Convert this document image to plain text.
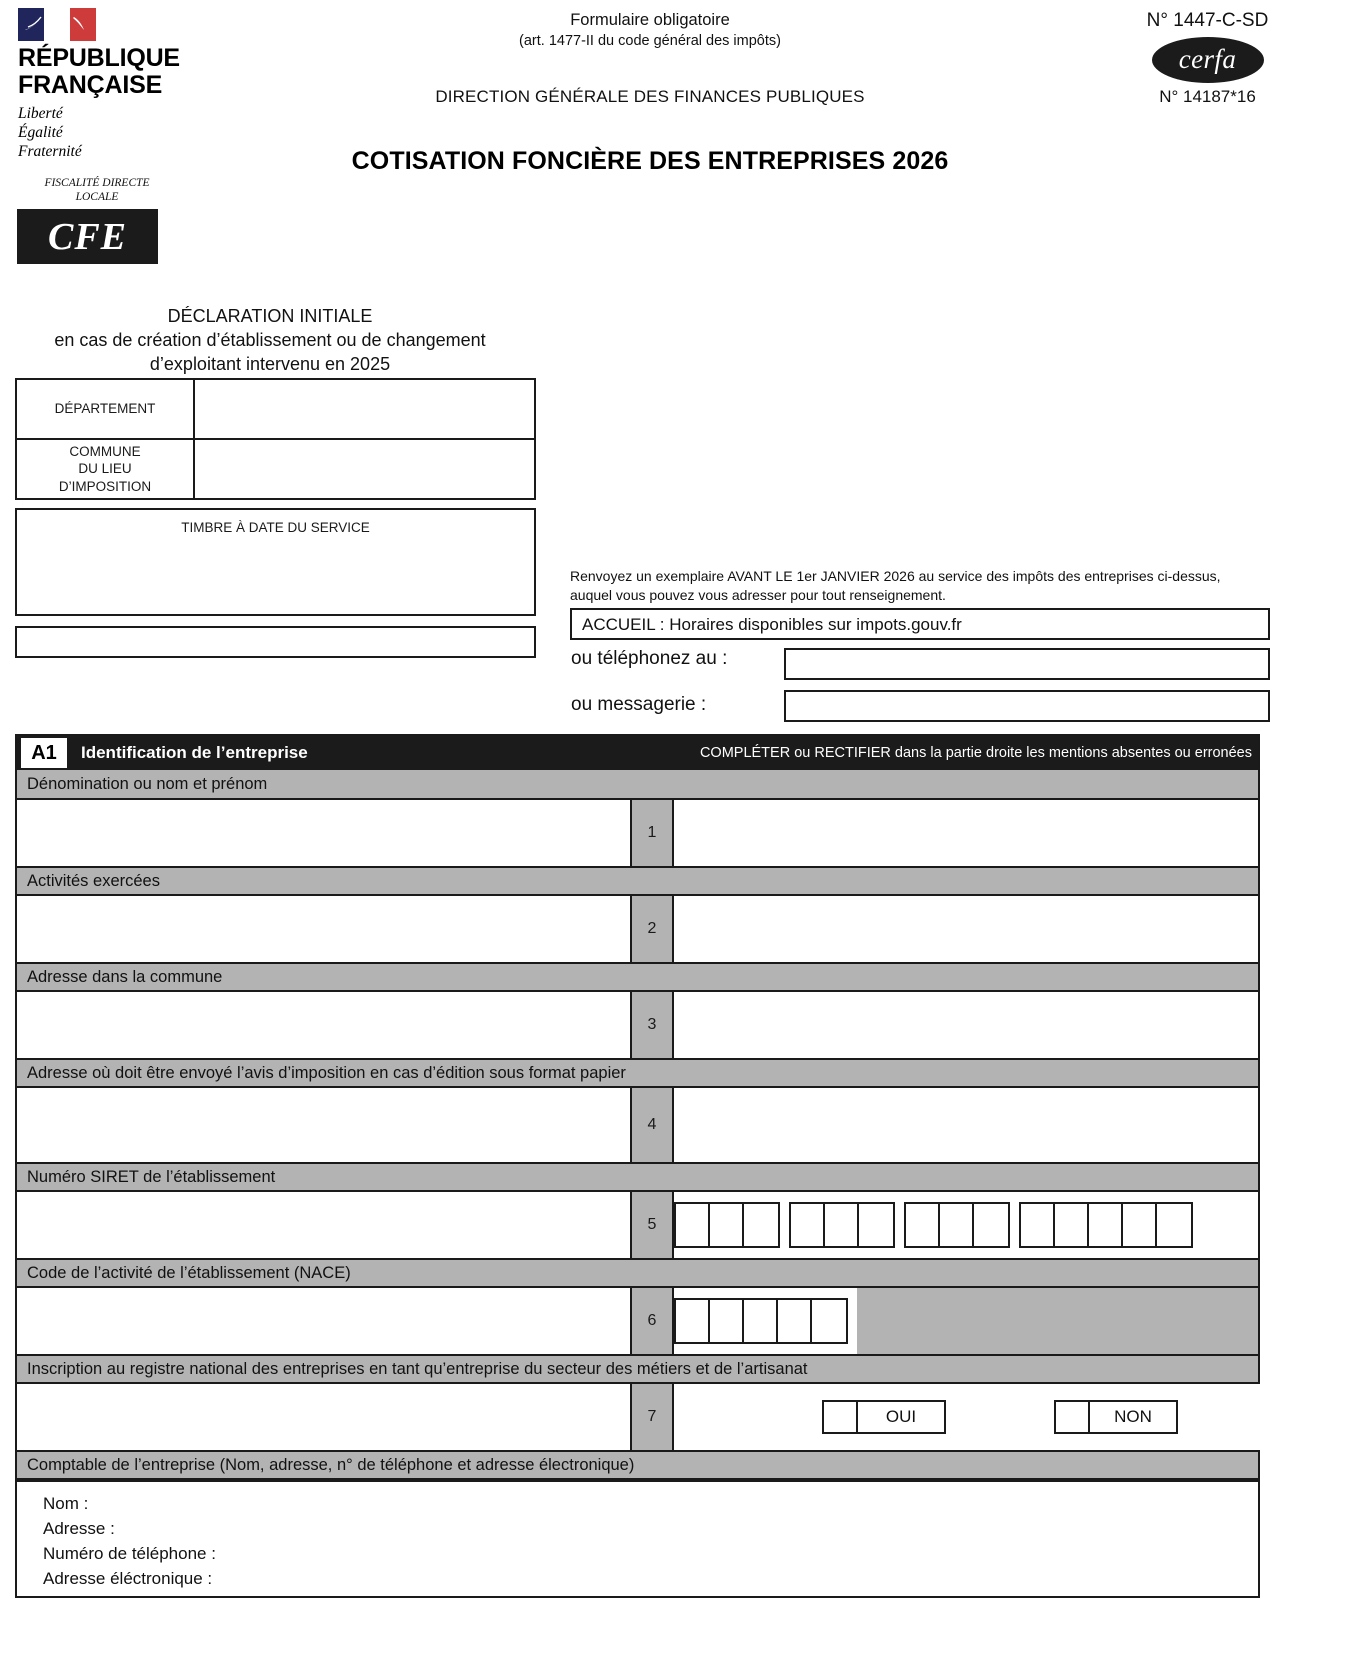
RÉPUBLIQUE
FRANÇAISE
Liberté
Égalité
Fraternité
Formulaire obligatoire
(art. 1477-II du code général des impôts)
DIRECTION GÉNÉRALE DES FINANCES PUBLIQUES
COTISATION FONCIÈRE DES ENTREPRISES 2026
N° 1447-C-SD
cerfa
N° 14187*16
FISCALITÉ DIRECTE
LOCALE
CFE
DÉCLARATION INITIALE
en cas de création d’établissement ou de changement
d’exploitant intervenu en 2025
DÉPARTEMENT
COMMUNE
DU LIEU
D’IMPOSITION
TIMBRE À DATE DU SERVICE
Renvoyez un exemplaire AVANT LE 1er JANVIER 2026 au service des impôts des entreprises ci-dessus,
auquel vous pouvez vous adresser pour tout renseignement.
ACCUEIL : Horaires disponibles sur impots.gouv.fr
ou téléphonez au :
ou messagerie :
A1	Identification de l’entreprise	COMPLÉTER ou RECTIFIER dans la partie droite les mentions absentes ou erronées
Dénomination ou nom et prénom
1
Activités exercées
2
Adresse dans la commune
3
Adresse où doit être envoyé l’avis d’imposition en cas d’édition sous format papier
4
Numéro SIRET de l’établissement
5
Code de l’activité de l’établissement (NACE)
6
Inscription au registre national des entreprises en tant qu’entreprise du secteur des métiers et de l’artisanat
7	OUI	NON
Comptable de l’entreprise (Nom, adresse, n° de téléphone et adresse électronique)
Nom :
Adresse :
Numéro de téléphone :
Adresse éléctronique :
